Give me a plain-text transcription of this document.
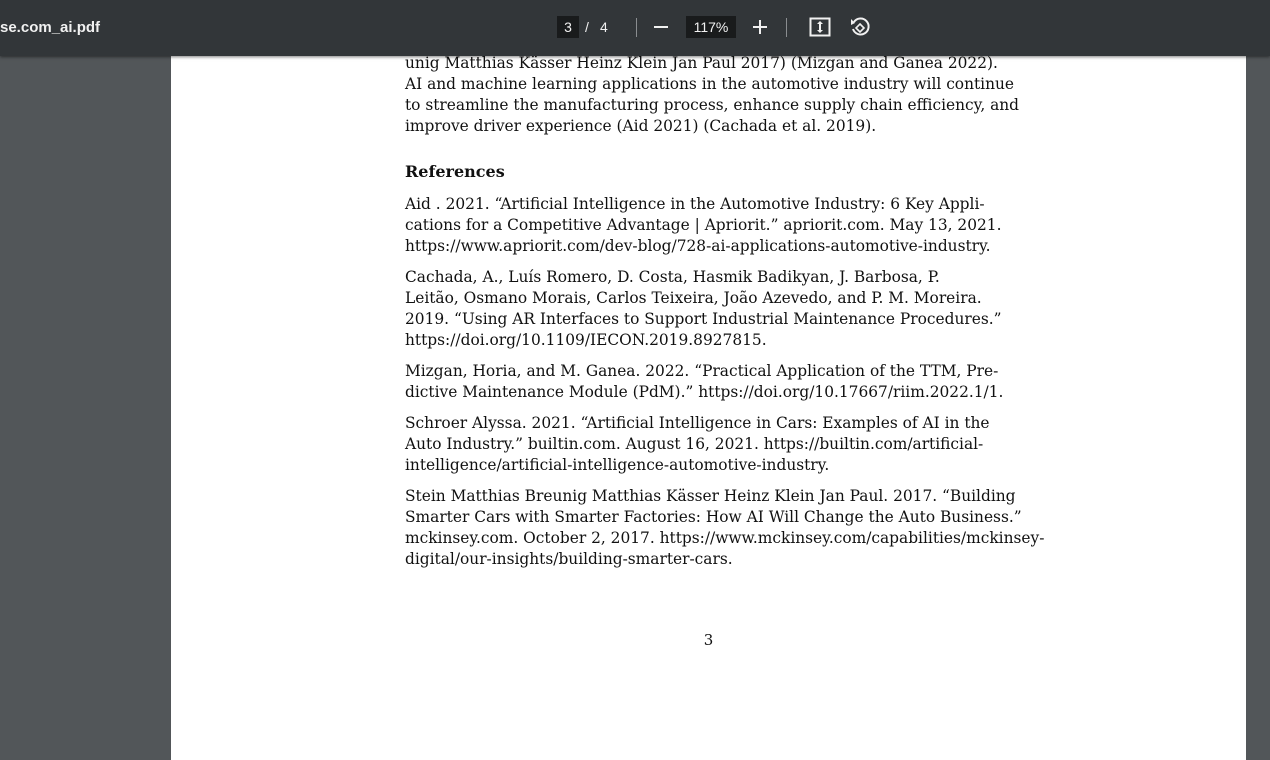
se.com_ai.pdf	3 / 4	117%
unig Matthias Kässer Heinz Klein Jan Paul 2017) (Mizgan and Ganea 2022).
AI and machine learning applications in the automotive industry will continue
to streamline the manufacturing process, enhance supply chain efficiency, and
improve driver experience (Aid 2021) (Cachada et al. 2019).
References
Aid . 2021. “Artificial Intelligence in the Automotive Industry: 6 Key Appli-
cations for a Competitive Advantage | Apriorit.” apriorit.com. May 13, 2021.
https://www.apriorit.com/dev-blog/728-ai-applications-automotive-industry.
Cachada, A., Luís Romero, D. Costa, Hasmik Badikyan, J. Barbosa, P.
Leitão, Osmano Morais, Carlos Teixeira, João Azevedo, and P. M. Moreira.
2019. “Using AR Interfaces to Support Industrial Maintenance Procedures.”
https://doi.org/10.1109/IECON.2019.8927815.
Mizgan, Horia, and M. Ganea. 2022. “Practical Application of the TTM, Pre-
dictive Maintenance Module (PdM).” https://doi.org/10.17667/riim.2022.1/1.
Schroer Alyssa. 2021. “Artificial Intelligence in Cars: Examples of AI in the
Auto Industry.” builtin.com. August 16, 2021. https://builtin.com/artificial-
intelligence/artificial-intelligence-automotive-industry.
Stein Matthias Breunig Matthias Kässer Heinz Klein Jan Paul. 2017. “Building
Smarter Cars with Smarter Factories: How AI Will Change the Auto Business.”
mckinsey.com. October 2, 2017. https://www.mckinsey.com/capabilities/mckinsey-
digital/our-insights/building-smarter-cars.
3
